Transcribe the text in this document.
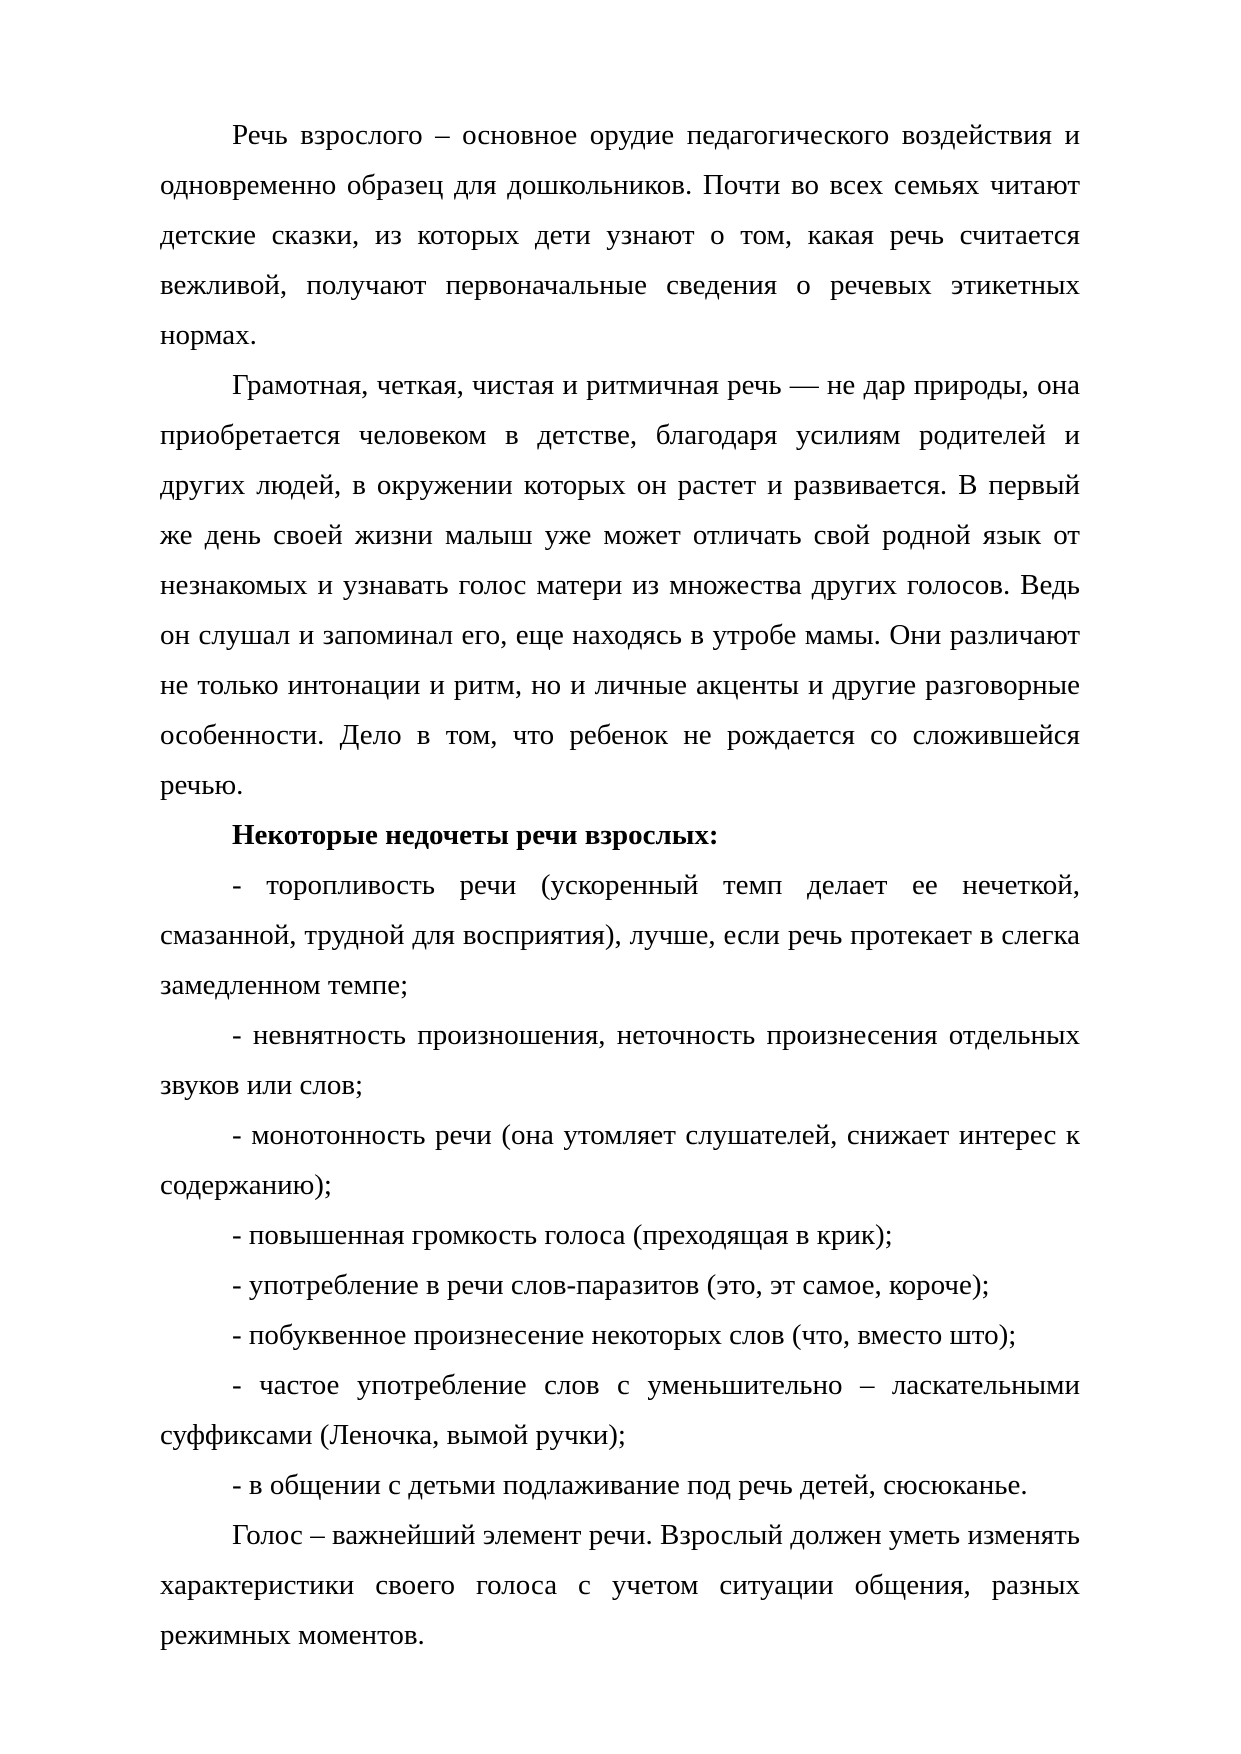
Речь взрослого – основное орудие педагогического воздействия и одновременно образец для дошкольников. Почти во всех семьях читают детские сказки, из которых дети узнают о том, какая речь считается вежливой, получают первоначальные сведения о речевых этикетных нормах.

Грамотная, четкая, чистая и ритмичная речь — не дар природы, она приобретается человеком в детстве, благодаря усилиям родителей и других людей, в окружении которых он растет и развивается. В первый же день своей жизни малыш уже может отличать свой родной язык от незнакомых и узнавать голос матери из множества других голосов. Ведь он слушал и запоминал его, еще находясь в утробе мамы. Они различают не только интонации и ритм, но и личные акценты и другие разговорные особенности. Дело в том, что ребенок не рождается со сложившейся речью.

Некоторые недочеты речи взрослых:

- торопливость речи (ускоренный темп делает ее нечеткой, смазанной, трудной для восприятия), лучше, если речь протекает в слегка замедленном темпе;

- невнятность произношения, неточность произнесения отдельных звуков или слов;

- монотонность речи (она утомляет слушателей, снижает интерес к содержанию);

- повышенная громкость голоса (преходящая в крик);

- употребление в речи слов-паразитов (это, эт самое, короче);

- побуквенное произнесение некоторых слов (что, вместо што);

- частое употребление слов с уменьшительно – ласкательными суффиксами (Леночка, вымой ручки);

- в общении с детьми подлаживание под речь детей, сюсюканье.

Голос – важнейший элемент речи. Взрослый должен уметь изменять характеристики своего голоса с учетом ситуации общения, разных режимных моментов.
